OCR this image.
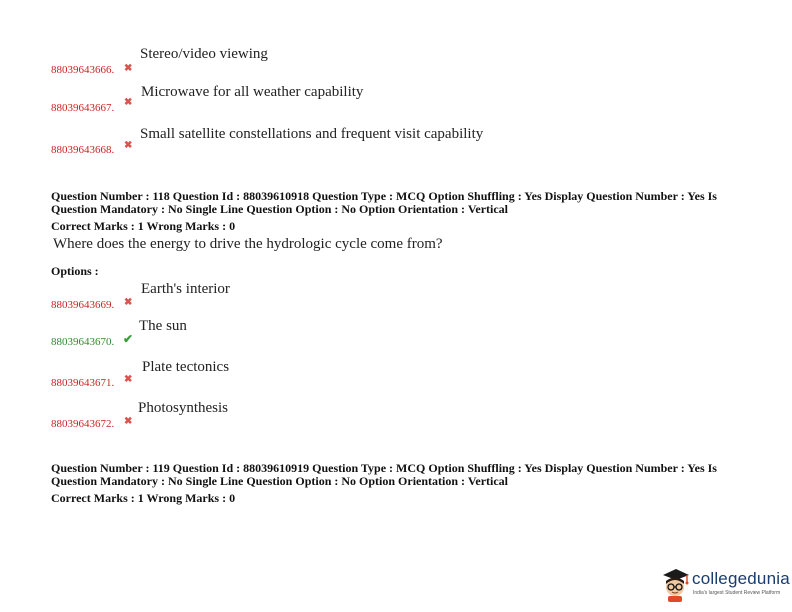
88039643666. ✖
Stereo/video viewing
88039643667. ✖
Microwave for all weather capability
88039643668. ✖
Small satellite constellations and frequent visit capability
Question Number : 118 Question Id : 88039610918 Question Type : MCQ Option Shuffling : Yes Display Question Number : Yes Is
Question Mandatory : No Single Line Question Option : No Option Orientation : Vertical
Correct Marks : 1 Wrong Marks : 0
Where does the energy to drive the hydrologic cycle come from?
Options :
88039643669. ✖
Earth's interior
88039643670. ✔
The sun
88039643671. ✖
Plate tectonics
88039643672. ✖
Photosynthesis
Question Number : 119 Question Id : 88039610919 Question Type : MCQ Option Shuffling : Yes Display Question Number : Yes Is
Question Mandatory : No Single Line Question Option : No Option Orientation : Vertical
Correct Marks : 1 Wrong Marks : 0
collegedunia
India's largest Student Review Platform
